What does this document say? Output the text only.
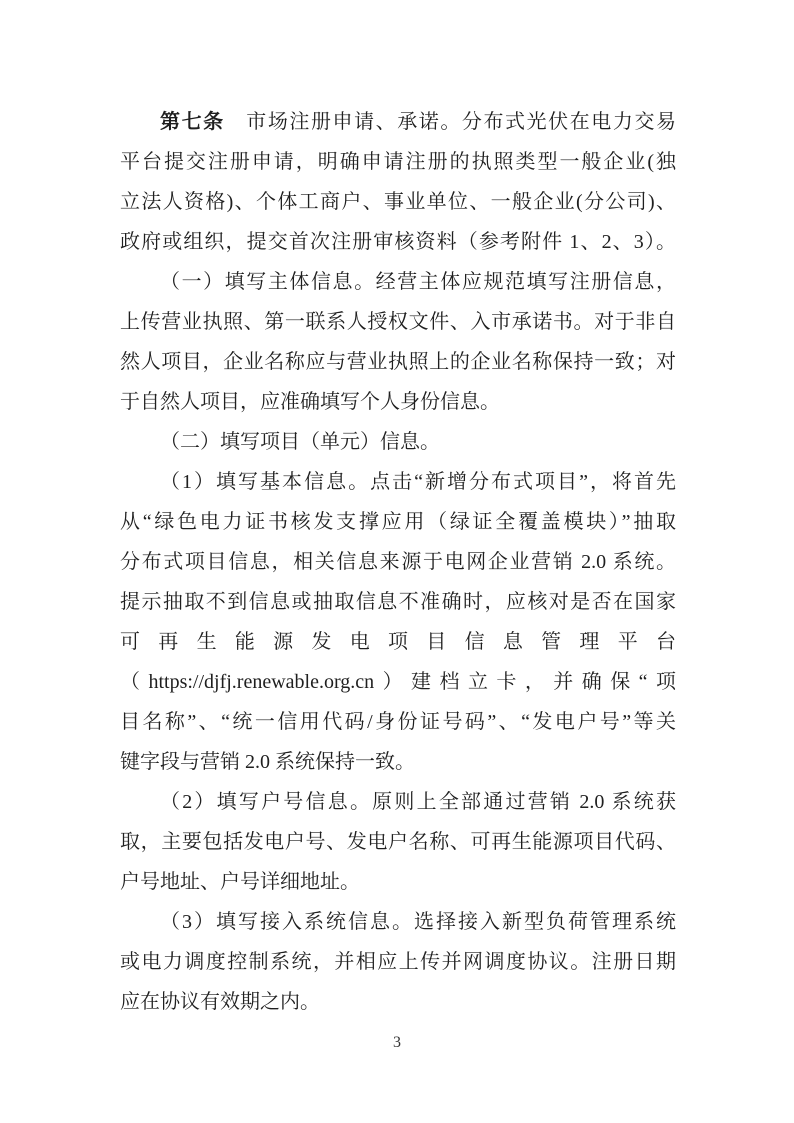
第七条　市场注册申请、承诺。分布式光伏在电力交易
平台提交注册申请，明确申请注册的执照类型一般企业(独
立法人资格)、个体工商户、事业单位、一般企业(分公司)、
政府或组织，提交首次注册审核资料（参考附件 1、2、3）。
（一）填写主体信息。经营主体应规范填写注册信息，
上传营业执照、第一联系人授权文件、入市承诺书。对于非自
然人项目，企业名称应与营业执照上的企业名称保持一致；对
于自然人项目，应准确填写个人身份信息。
（二）填写项目（单元）信息。
（1）填写基本信息。点击“新增分布式项目”，将首先
从“绿色电力证书核发支撑应用（绿证全覆盖模块）”抽取
分布式项目信息，相关信息来源于电网企业营销 2.0 系统。
提示抽取不到信息或抽取信息不准确时，应核对是否在国家
可再生能源发电项目信息管理平台
（https://djfj.renewable.org.cn）建档立卡，并确保“项
目名称”、“统一信用代码/身份证号码”、“发电户号”等关
键字段与营销 2.0 系统保持一致。
（2）填写户号信息。原则上全部通过营销 2.0 系统获
取，主要包括发电户号、发电户名称、可再生能源项目代码、
户号地址、户号详细地址。
（3）填写接入系统信息。选择接入新型负荷管理系统
或电力调度控制系统，并相应上传并网调度协议。注册日期
应在协议有效期之内。
3
